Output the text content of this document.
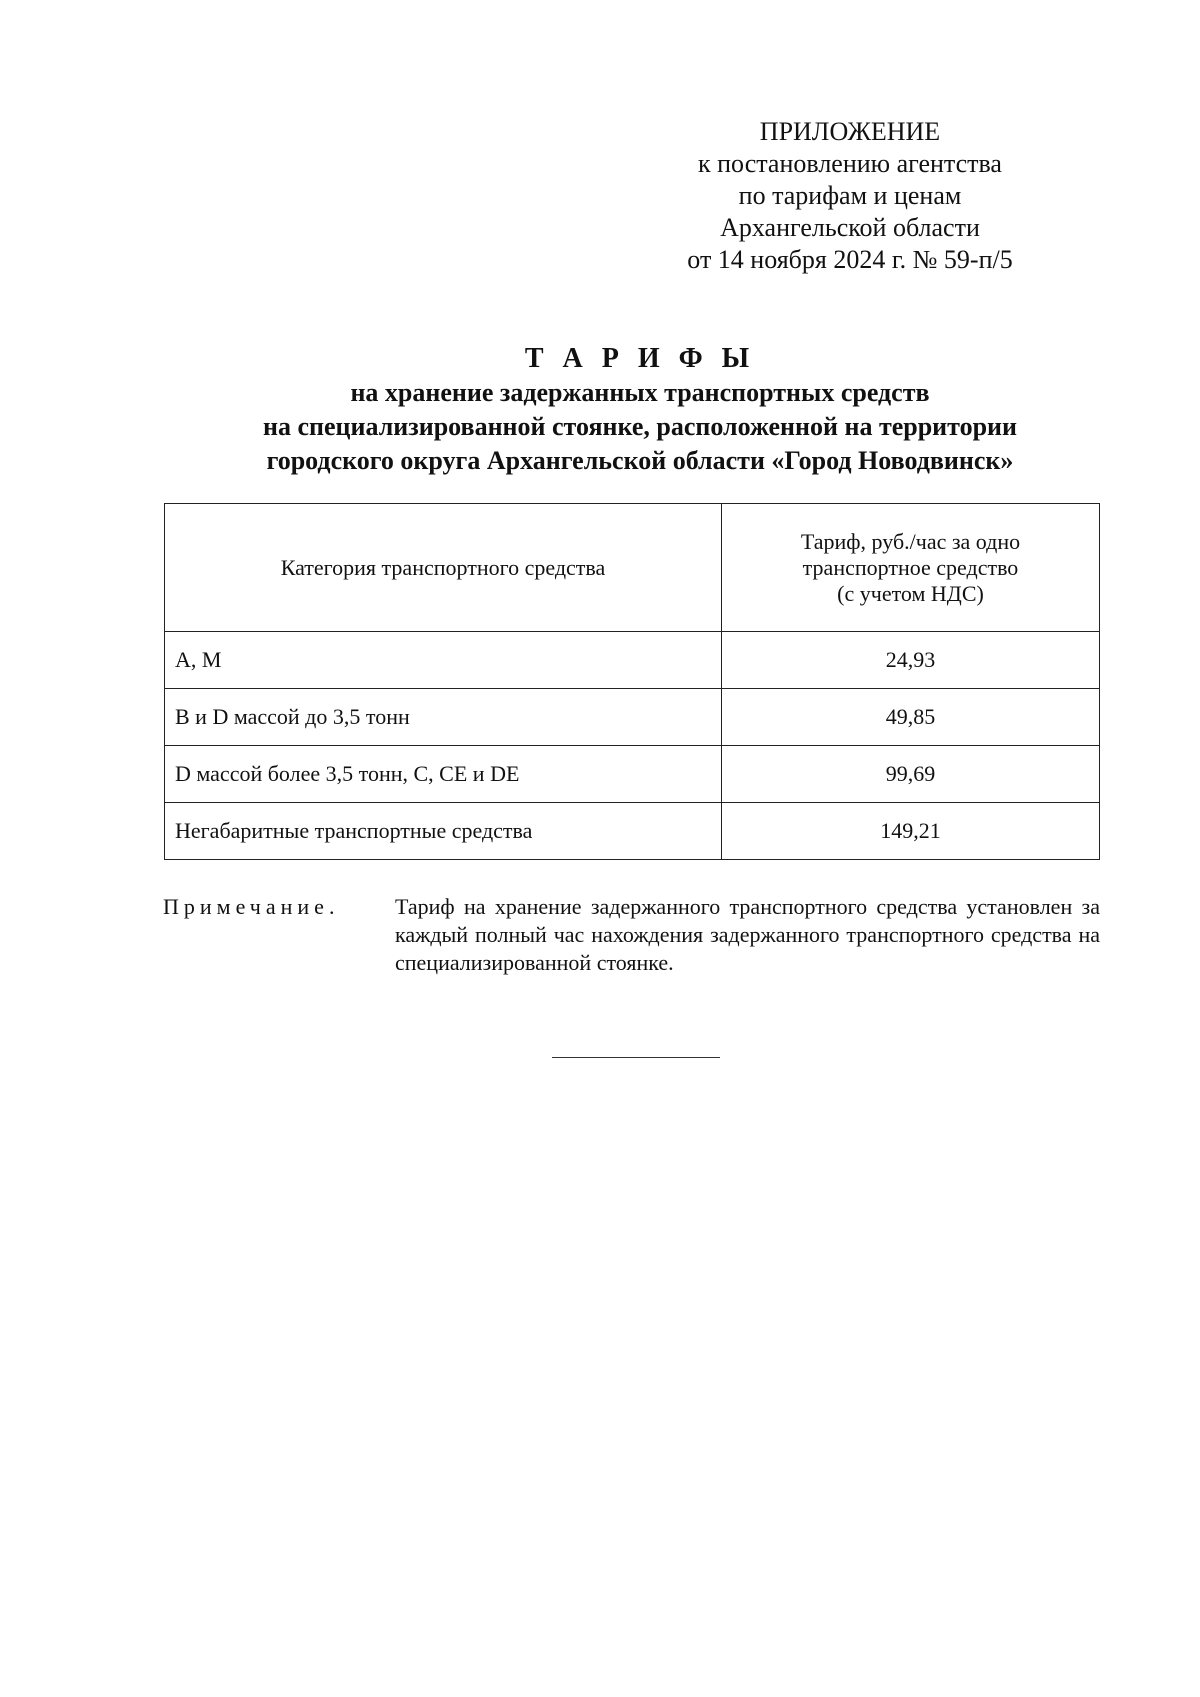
ПРИЛОЖЕНИЕ
к постановлению агентства
по тарифам и ценам
Архангельской области
от 14 ноября 2024 г. № 59-п/5
Т А Р И Ф Ы
на хранение задержанных транспортных средств
на специализированной стоянке, расположенной на территории
городского округа Архангельской области «Город Новодвинск»
Категория транспортного средства	Тариф, руб./час за одно
транспортное средство
(с учетом НДС)
А, М	24,93
В и D массой до 3,5 тонн	49,85
D массой более 3,5 тонн, С, СЕ и DЕ	99,69
Негабаритные транспортные средства	149,21
Примечание.	Тариф на хранение задержанного транспортного средства установлен за каждый полный час нахождения задержанного транспортного средства на специализированной стоянке.
